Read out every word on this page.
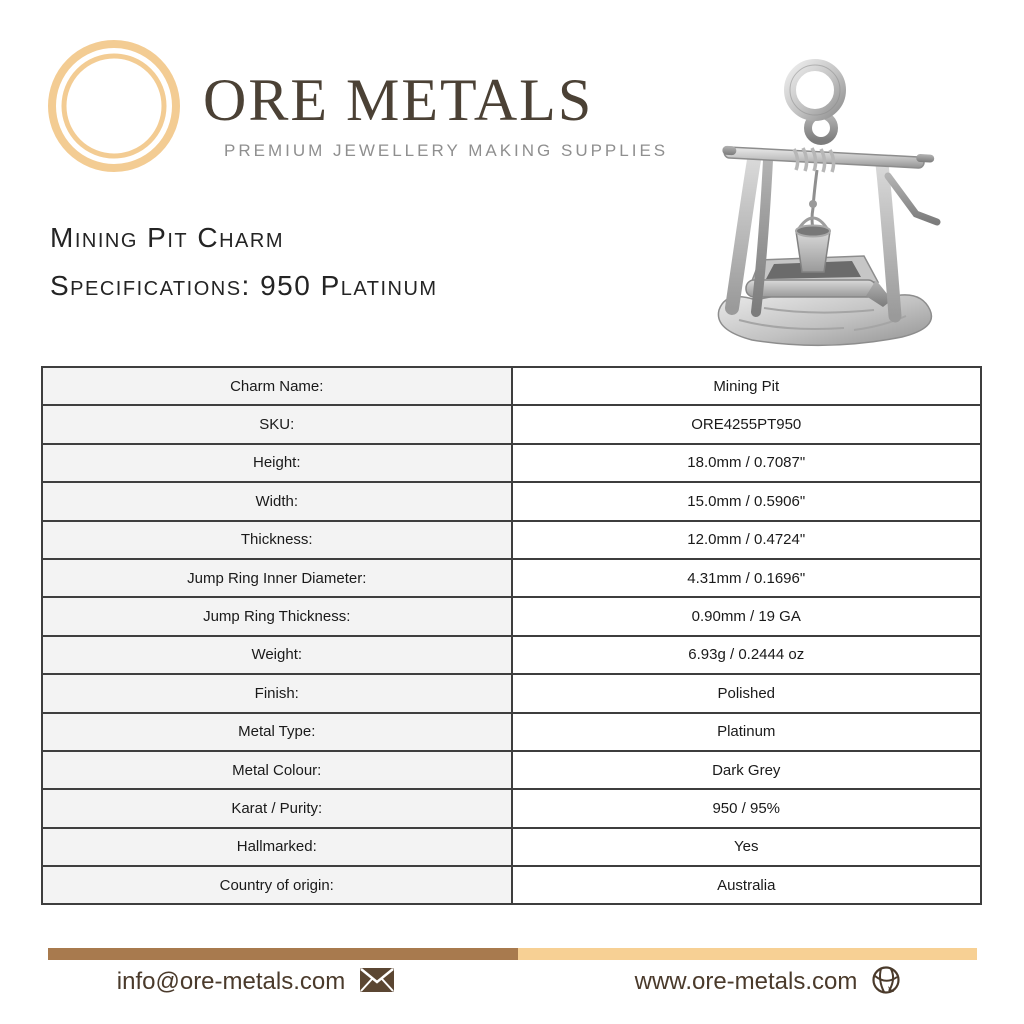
ORE METALS
PREMIUM JEWELLERY MAKING SUPPLIES
Mining Pit Charm
Specifications: 950 Platinum
Charm Name:	Mining Pit
SKU:	ORE4255PT950
Height:	18.0mm / 0.7087"
Width:	15.0mm / 0.5906"
Thickness:	12.0mm / 0.4724"
Jump Ring Inner Diameter:	4.31mm / 0.1696"
Jump Ring Thickness:	0.90mm / 19 GA
Weight:	6.93g / 0.2444 oz
Finish:	Polished
Metal Type:	Platinum
Metal Colour:	Dark Grey
Karat / Purity:	950 / 95%
Hallmarked:	Yes
Country of origin:	Australia
info@ore-metals.com	www.ore-metals.com
